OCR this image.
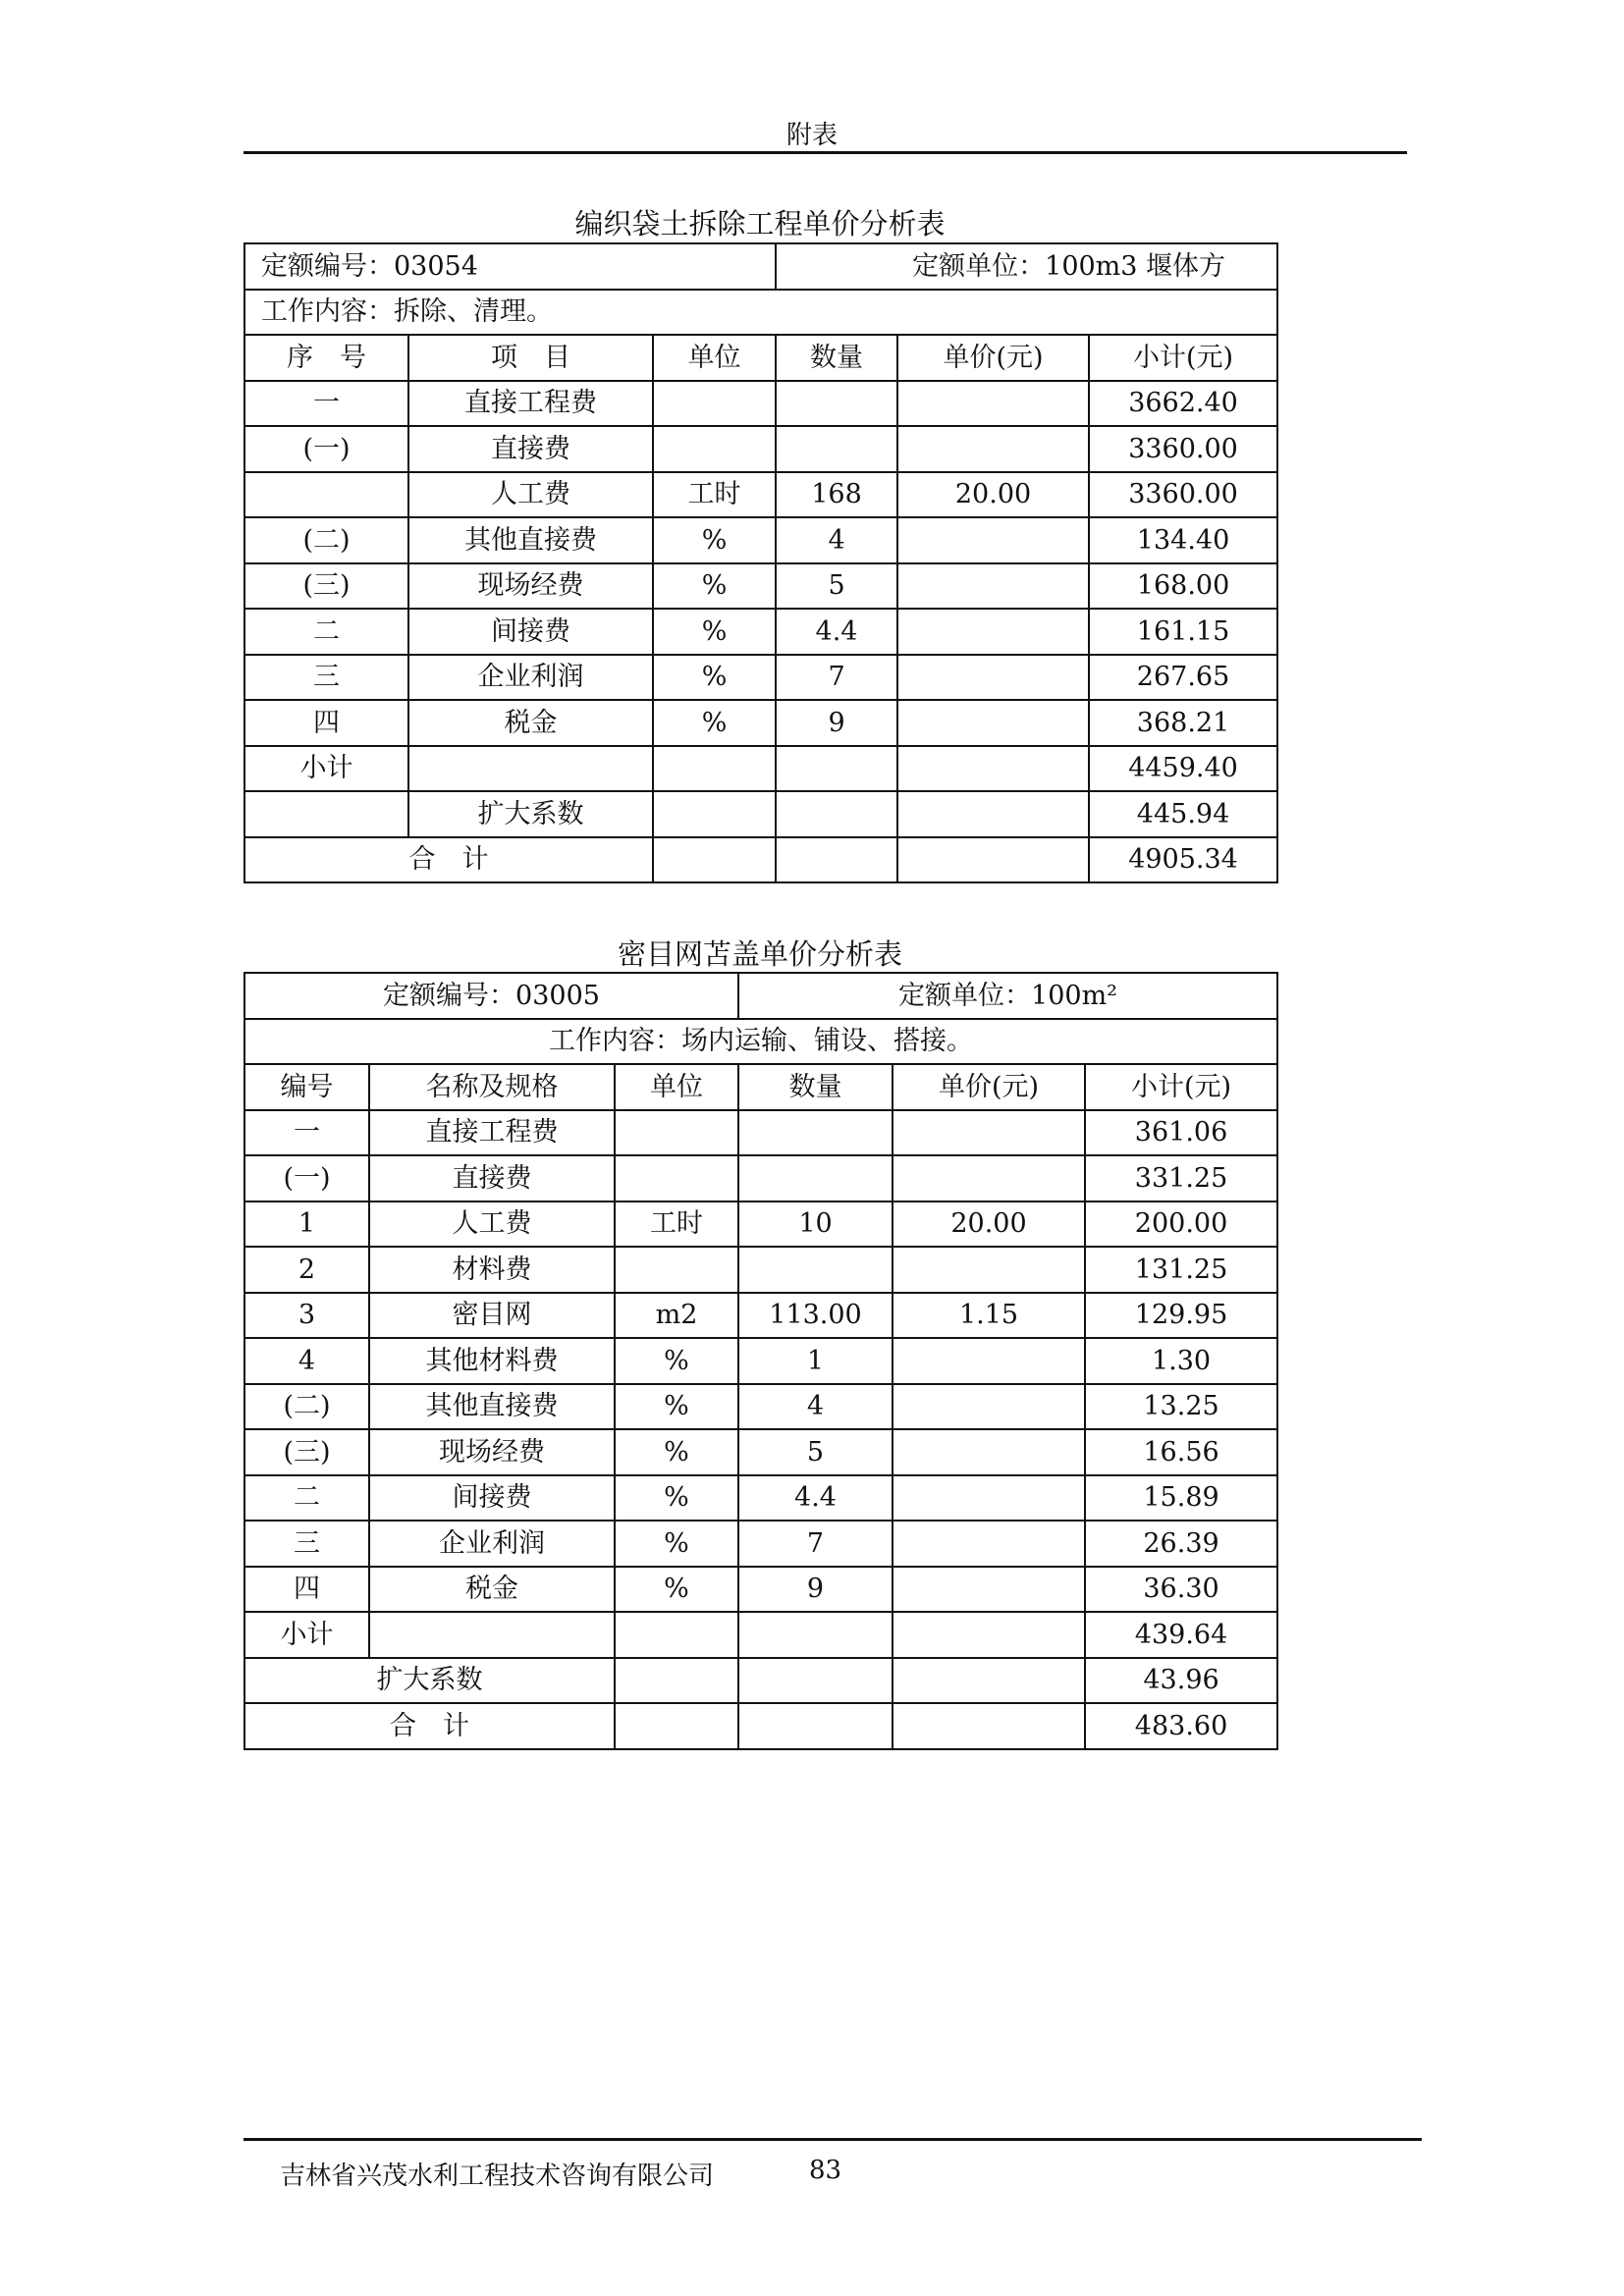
附表
编织袋土拆除工程单价分析表
定额编号：03054			定额单位：100m3 堰体方		
工作内容：拆除、清理。					
序　号	项　目	单位	数量	单价(元)	小计(元)
一	直接工程费				3662.40
(一)	直接费				3360.00
	人工费	工时	168	20.00	3360.00
(二)	其他直接费	%	4		134.40
(三)	现场经费	%	5		168.00
二	间接费	%	4.4		161.15
三	企业利润	%	7		267.65
四	税金	%	9		368.21
小计					4459.40
	扩大系数				445.94
合　计					4905.34
密目网苫盖单价分析表
定额编号：03005			定额单位：100m²		
工作内容：场内运输、铺设、搭接。					
编号	名称及规格	单位	数量	单价(元)	小计(元)
一	直接工程费				361.06
(一)	直接费				331.25
1	人工费	工时	10	20.00	200.00
2	材料费				131.25
3	密目网	m2	113.00	1.15	129.95
4	其他材料费	%	1		1.30
(二)	其他直接费	%	4		13.25
(三)	现场经费	%	5		16.56
二	间接费	%	4.4		15.89
三	企业利润	%	7		26.39
四	税金	%	9		36.30
小计					439.64
扩大系数					43.96
合　计					483.60
吉林省兴茂水利工程技术咨询有限公司	83
